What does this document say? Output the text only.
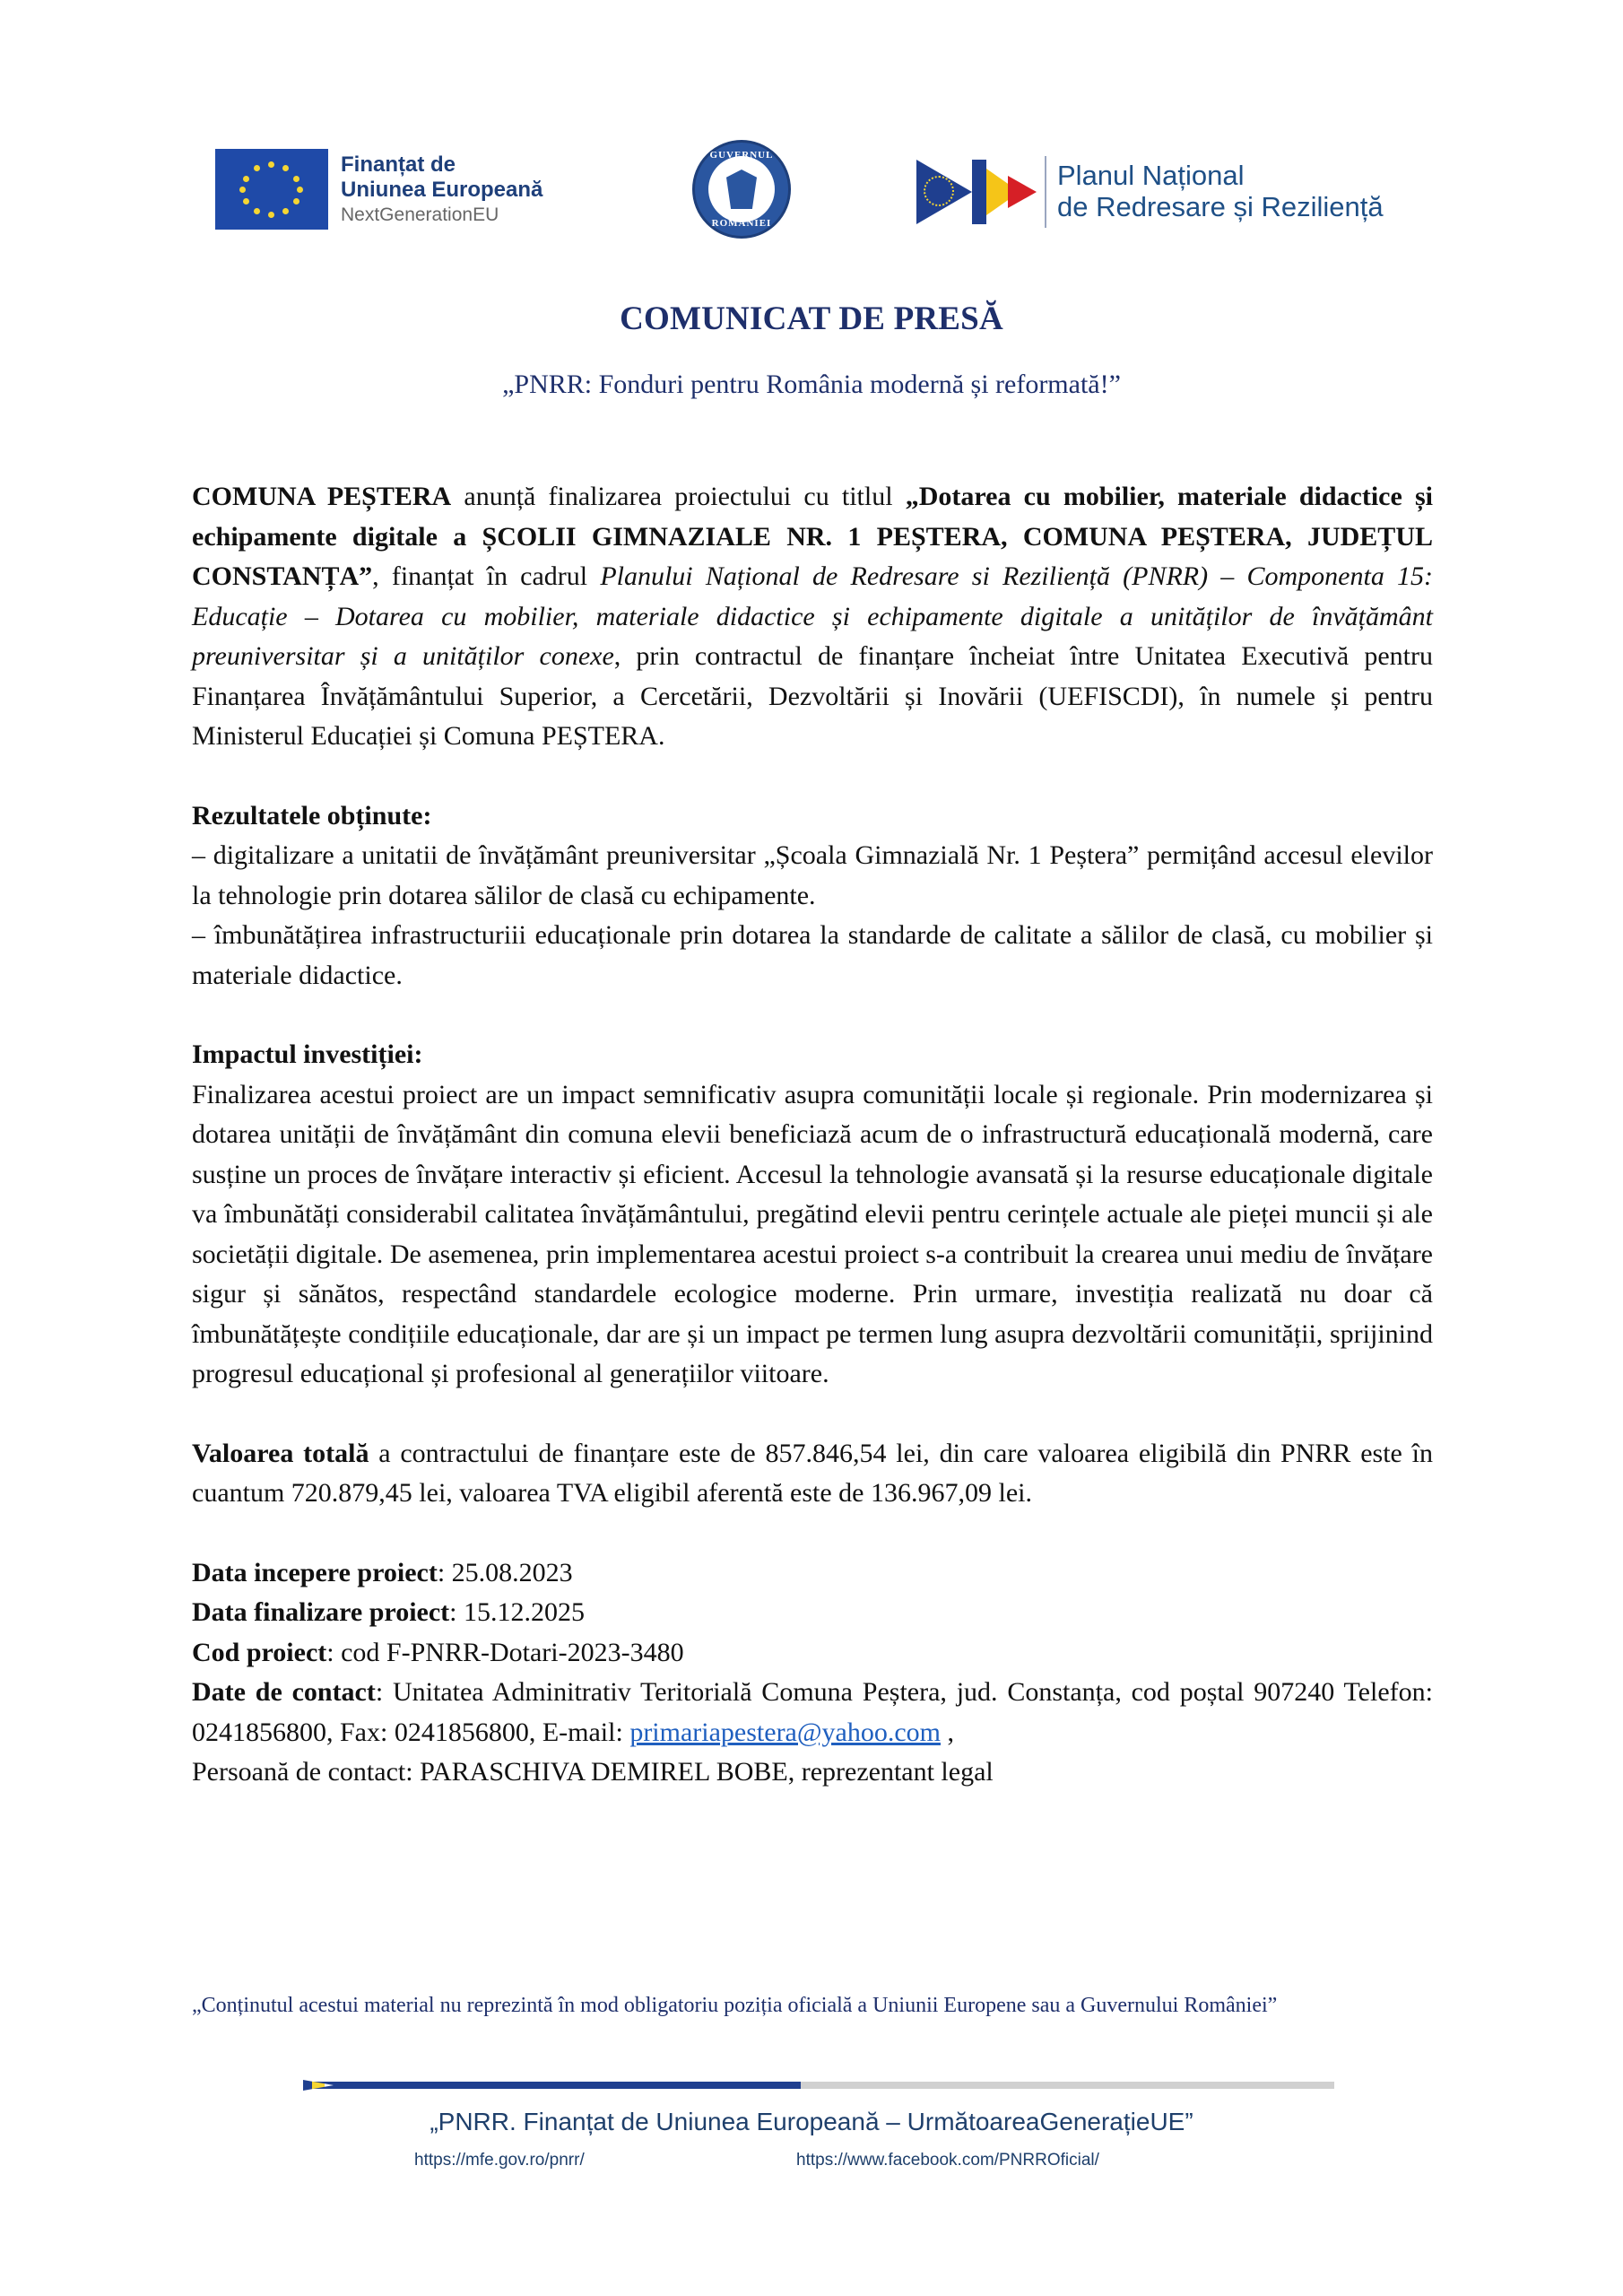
Finanțat de
Uniunea Europeană
NextGenerationEU
GUVERNUL
ROMÂNIEI
Planul Național
de Redresare și Reziliență
COMUNICAT DE PRESĂ
„PNRR: Fonduri pentru România modernă și reformată!”

COMUNA PEȘTERA anunță finalizarea proiectului cu titlul „Dotarea cu mobilier, materiale didactice și echipamente digitale a ȘCOLII GIMNAZIALE NR. 1 PEȘTERA, COMUNA PEȘTERA, JUDEȚUL CONSTANȚA”, finanțat în cadrul Planului Național de Redresare si Reziliență (PNRR) – Componenta 15: Educație – Dotarea cu mobilier, materiale didactice și echipamente digitale a unităților de învățământ preuniversitar și a unităților conexe, prin contractul de finanțare încheiat între Unitatea Executivă pentru Finanțarea Învățământului Superior, a Cercetării, Dezvoltării și Inovării (UEFISCDI), în numele și pentru Ministerul Educației și Comuna PEȘTERA.

Rezultatele obținute:

– digitalizare a unitatii de învățământ preuniversitar „Școala Gimnazială Nr. 1 Peștera” permițând accesul elevilor la tehnologie prin dotarea sălilor de clasă cu echipamente.

– îmbunătățirea infrastructuriii educaționale prin dotarea la standarde de calitate a sălilor de clasă, cu mobilier și materiale didactice.

Impactul investiției:

Finalizarea acestui proiect are un impact semnificativ asupra comunității locale și regionale. Prin modernizarea și dotarea unității de învățământ din comuna elevii beneficiază acum de o infrastructură educațională modernă, care susține un proces de învățare interactiv și eficient. Accesul la tehnologie avansată și la resurse educaționale digitale va îmbunătăți considerabil calitatea învățământului, pregătind elevii pentru cerințele actuale ale pieței muncii și ale societății digitale. De asemenea, prin implementarea acestui proiect s-a contribuit la crearea unui mediu de învățare sigur și sănătos, respectând standardele ecologice moderne. Prin urmare, investiția realizată nu doar că îmbunătățește condițiile educaționale, dar are și un impact pe termen lung asupra dezvoltării comunității, sprijinind progresul educațional și profesional al generațiilor viitoare.

Valoarea totală a contractului de finanțare este de 857.846,54 lei, din care valoarea eligibilă din PNRR este în cuantum 720.879,45 lei, valoarea TVA eligibil aferentă este de 136.967,09 lei.

Data incepere proiect: 25.08.2023
Data finalizare proiect: 15.12.2025
Cod proiect: cod F-PNRR-Dotari-2023-3480

Date de contact: Unitatea Adminitrativ Teritorială Comuna Peștera, jud. Constanța, cod poștal 907240 Telefon: 0241856800, Fax: 0241856800, E-mail: primariapestera@yahoo.com ,

Persoană de contact: PARASCHIVA DEMIREL BOBE, reprezentant legal
„Conținutul acestui material nu reprezintă în mod obligatoriu poziția oficială a Uniunii Europene sau a Guvernului României”
„PNRR. Finanțat de Uniunea Europeană – UrmătoareaGenerațieUE”
https://mfe.gov.ro/pnrr/	https://www.facebook.com/PNRROficial/
